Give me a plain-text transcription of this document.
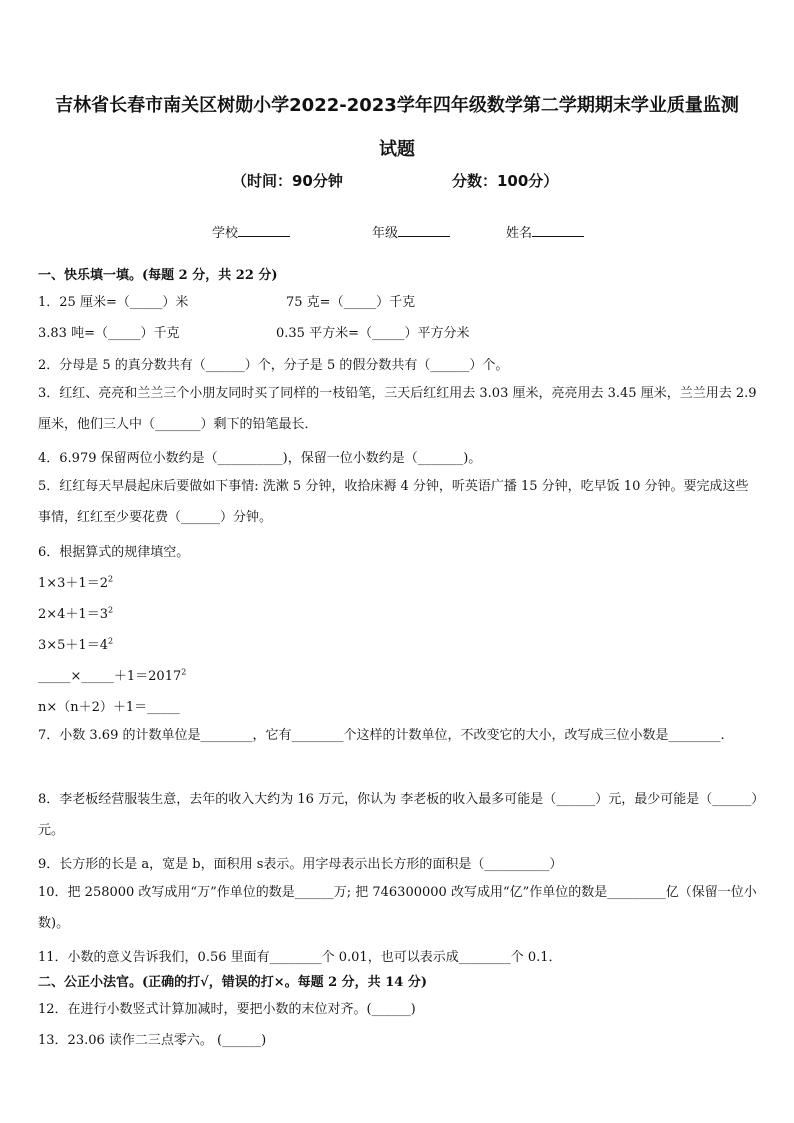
吉林省长春市南关区树勋小学2022-2023学年四年级数学第二学期期末学业质量监测
试题
（时间：90分钟	分数：100分）
学校	年级	姓名
一、快乐填一填。(每题 2 分，共 22 分)
1．25 厘米=（_____）米	75 克=（_____）千克
3.83 吨=（_____）千克	0.35 平方米=（_____）平方分米
2．分母是 5 的真分数共有（______）个，分子是 5 的假分数共有（______）个。
3．红红、亮亮和兰兰三个小朋友同时买了同样的一枝铅笔，三天后红红用去 3.03 厘米，亮亮用去 3.45 厘米，兰兰用去 2.9 厘米，他们三人中（_______）剩下的铅笔最长．
4．6.979 保留两位小数约是（__________)，保留一位小数约是（_______)。
5．红红每天早晨起床后要做如下事情: 洗漱 5 分钟，收拾床褥 4 分钟，听英语广播 15 分钟，吃早饭 10 分钟。要完成这些事情，红红至少要花费（______）分钟。
6．根据算式的规律填空。
$1\times 3+1=2^2$
$2\times 4+1=3^2$
$3\times 5+1=4^2$
$\_\_\_\_\_\times\_\_\_\_\_+1=2017^2$
n×（n＋2）＋1＝_____
7．小数 3.69 的计数单位是________，它有________个这样的计数单位，不改变它的大小，改写成三位小数是________.
8．李老板经营服装生意，去年的收入大约为 16 万元，你认为 李老板的收入最多可能是（______）元，最少可能是（______）元。
9．长方形的长是 a，宽是 b，面积用 s表示。用字母表示出长方形的面积是（__________）
10．把 258000 改写成用“万”作单位的数是______万; 把 746300000 改写成用“亿”作单位的数是_________亿（保留一位小数)。
11．小数的意义告诉我们，0.56 里面有________个 0.01，也可以表示成________个 0.1．
二、公正小法官。(正确的打√，错误的打×。每题 2 分，共 14 分)
12．在进行小数竖式计算加减时，要把小数的末位对齐。(______)
13．23.06 读作二三点零六。 (______)
